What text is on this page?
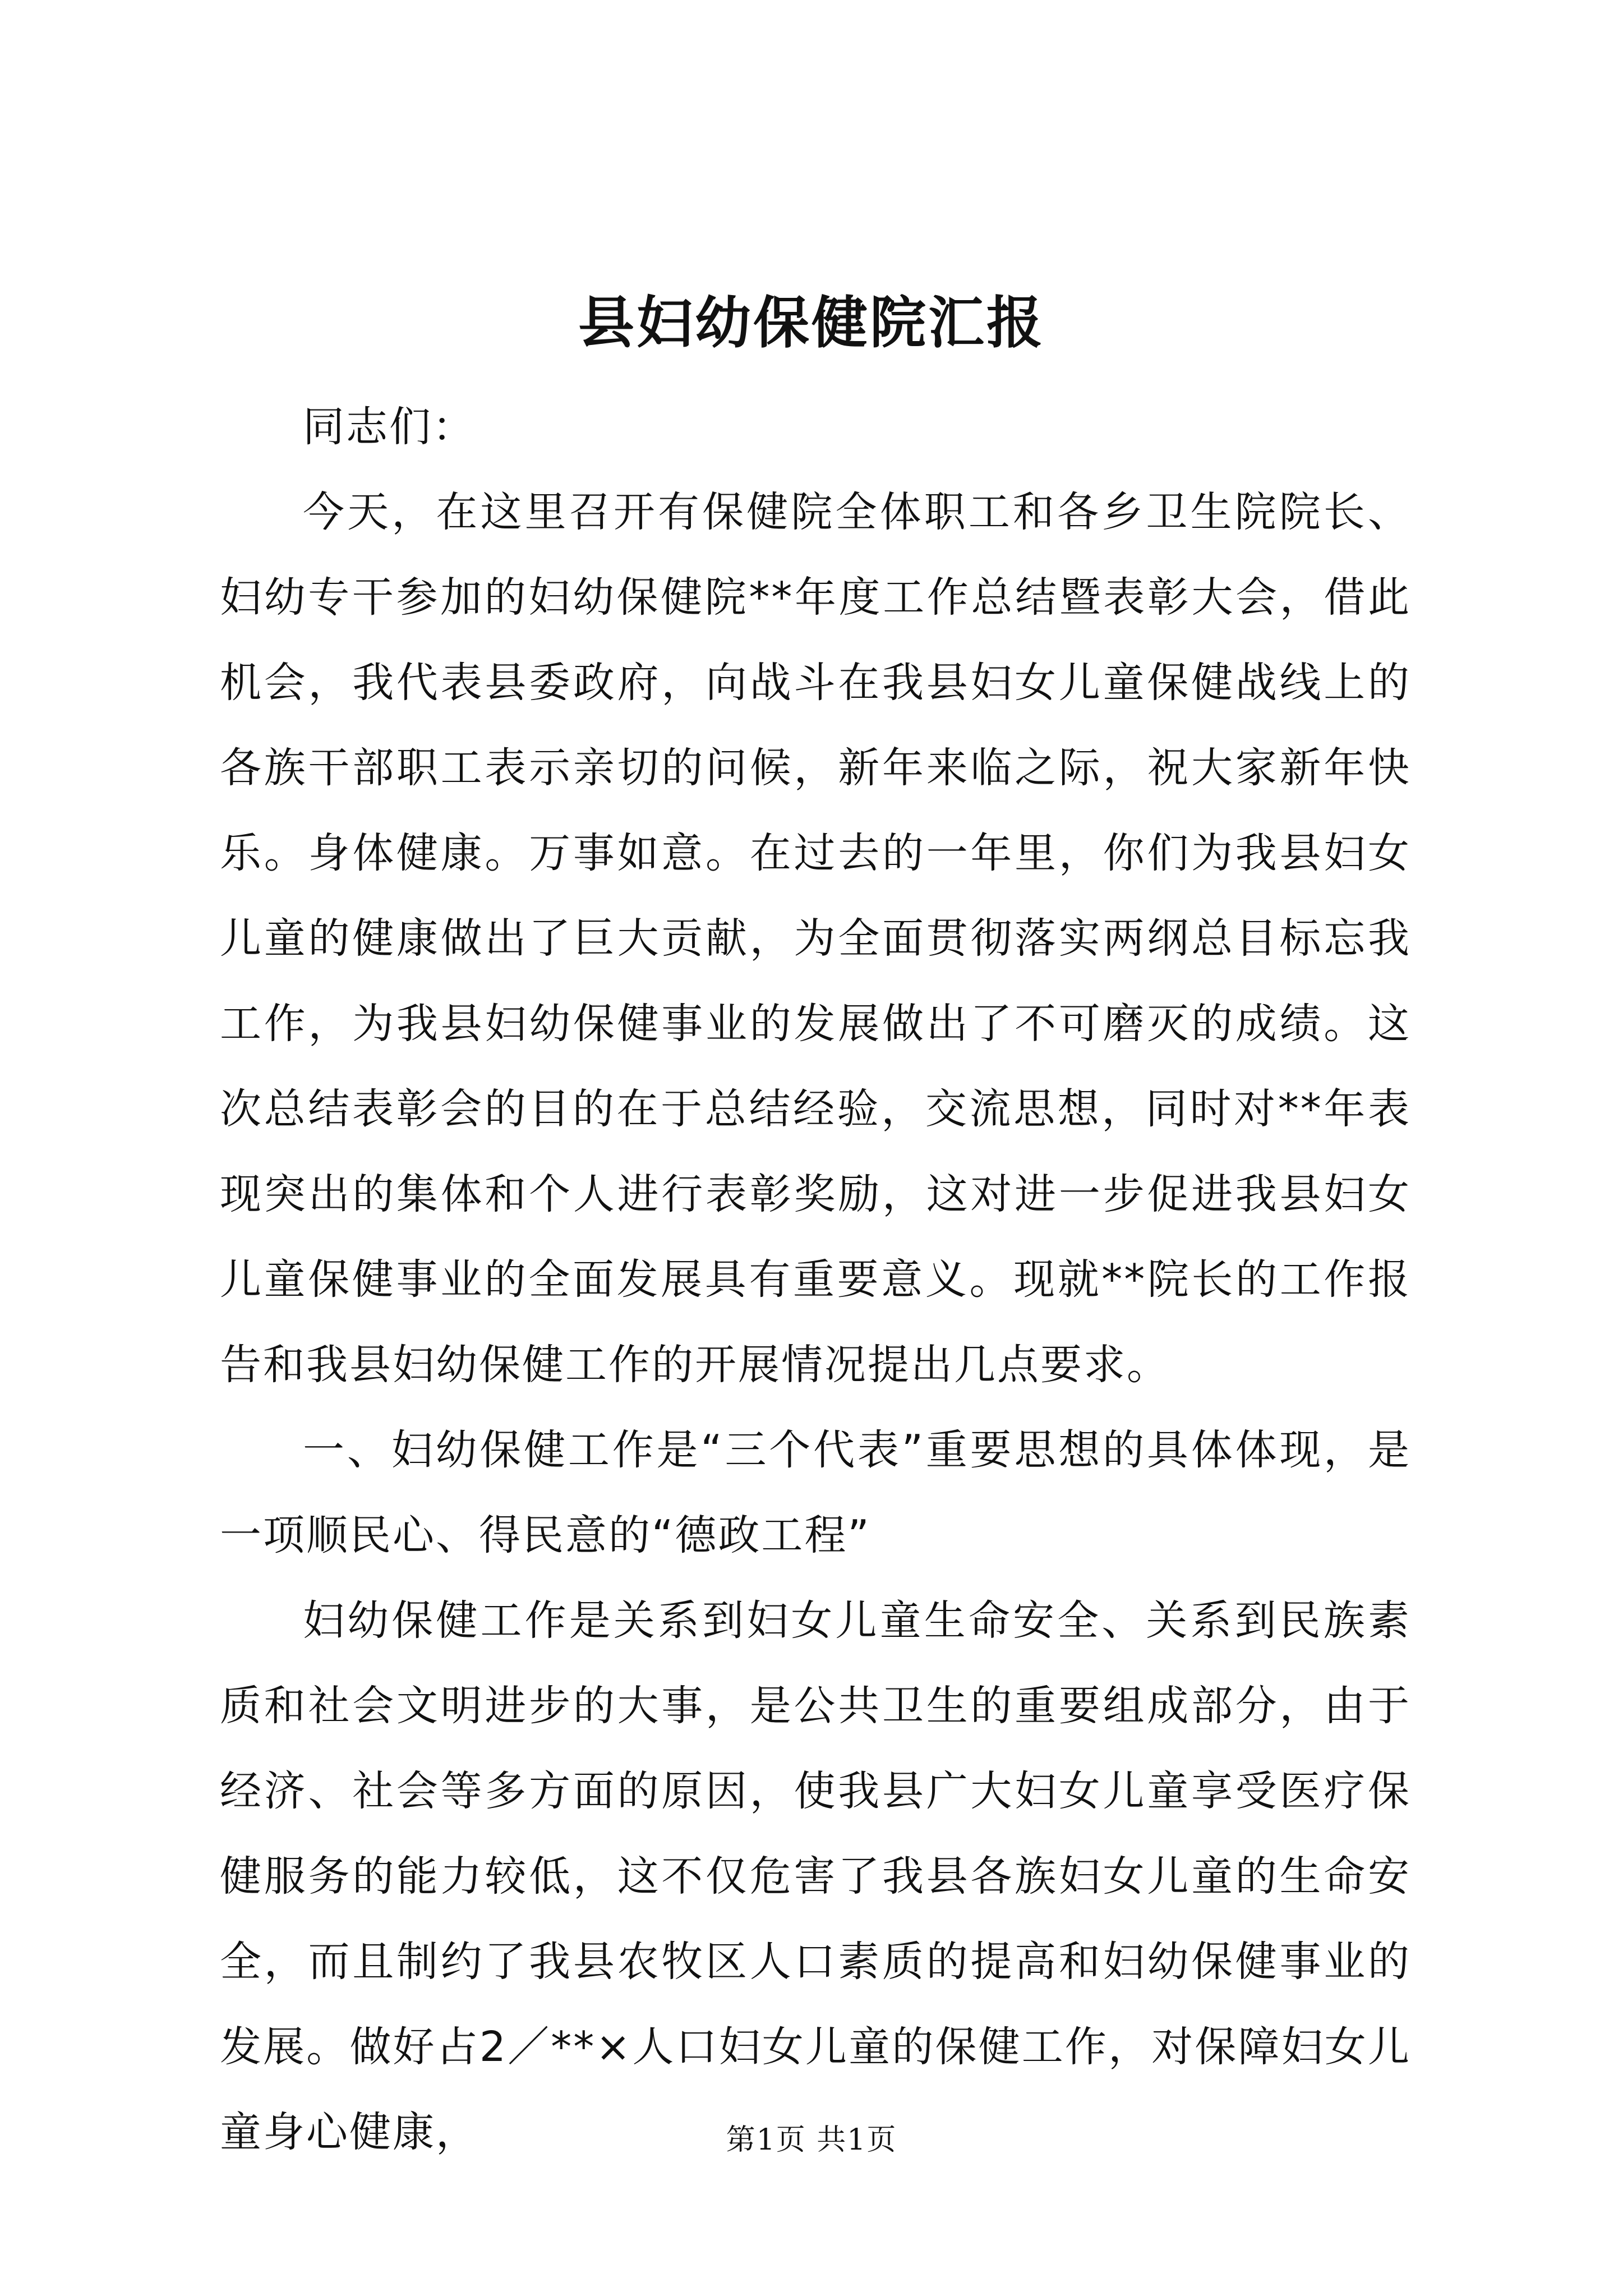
县妇幼保健院汇报

同志们：

今天，在这里召开有保健院全体职工和各乡卫生院院长、妇幼专干参加的妇幼保健院**年度工作总结暨表彰大会，借此机会，我代表县委政府，向战斗在我县妇女儿童保健战线上的各族干部职工表示亲切的问候，新年来临之际，祝大家新年快乐。身体健康。万事如意。在过去的一年里，你们为我县妇女儿童的健康做出了巨大贡献，为全面贯彻落实两纲总目标忘我工作，为我县妇幼保健事业的发展做出了不可磨灭的成绩。这次总结表彰会的目的在于总结经验，交流思想，同时对**年表现突出的集体和个人进行表彰奖励，这对进一步促进我县妇女儿童保健事业的全面发展具有重要意义。现就**院长的工作报告和我县妇幼保健工作的开展情况提出几点要求。

一、妇幼保健工作是“三个代表”重要思想的具体体现，是一项顺民心、得民意的“德政工程”

妇幼保健工作是关系到妇女儿童生命安全、关系到民族素质和社会文明进步的大事，是公共卫生的重要组成部分，由于经济、社会等多方面的原因，使我县广大妇女儿童享受医疗保健服务的能力较低，这不仅危害了我县各族妇女儿童的生命安全，而且制约了我县农牧区人口素质的提高和妇幼保健事业的发展。做好占2／**×人口妇女儿童的保健工作，对保障妇女儿童身心健康，	第1页 共1页
